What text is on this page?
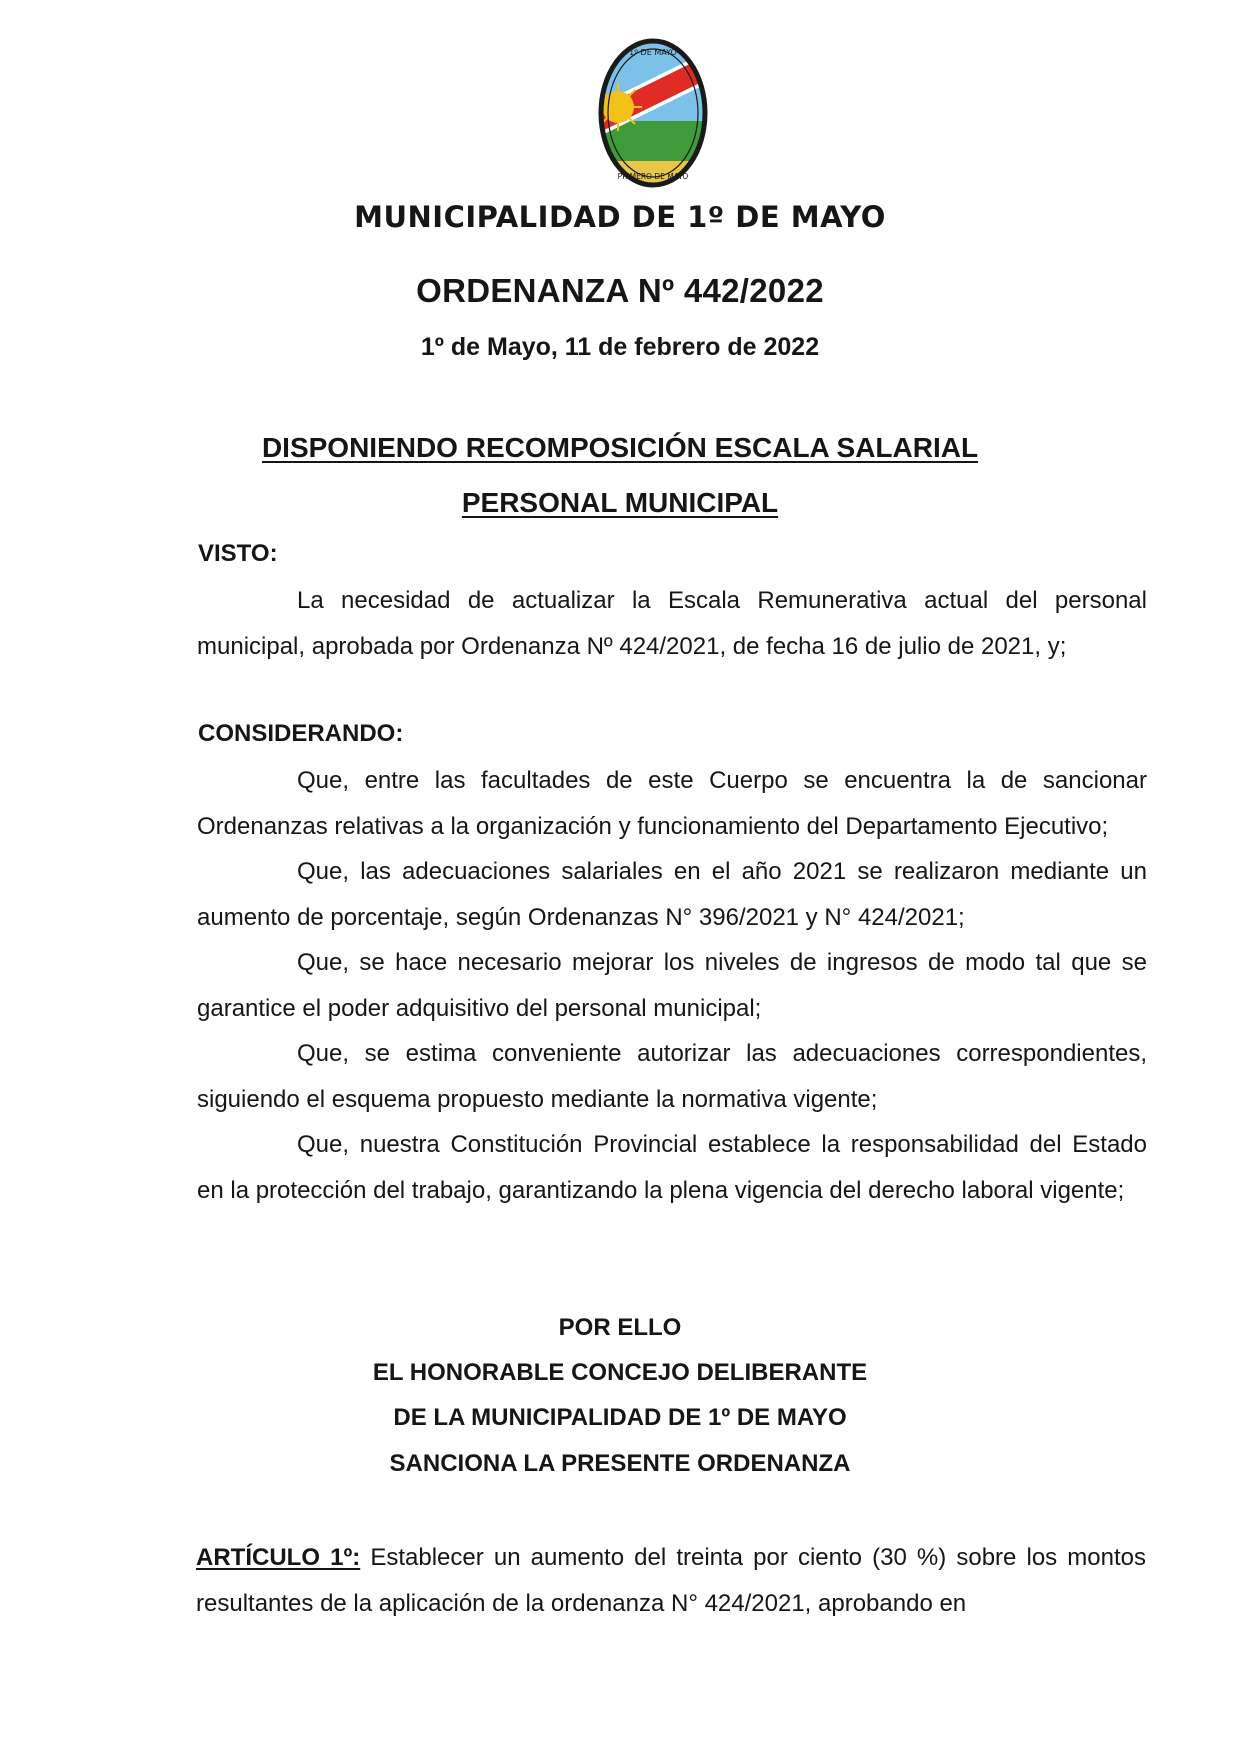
1º DE MAYO
PRIMERO DE MAYO
MUNICIPALIDAD DE 1º DE MAYO
ORDENANZA Nº 442/2022
1º de Mayo, 11 de febrero de 2022
DISPONIENDO RECOMPOSICIÓN ESCALA SALARIAL
PERSONAL MUNICIPAL
VISTO:

La necesidad de actualizar la Escala Remunerativa actual del personal municipal, aprobada por Ordenanza Nº 424/2021, de fecha 16 de julio de 2021, y;

CONSIDERANDO:

Que, entre las facultades de este Cuerpo se encuentra la de sancionar Ordenanzas relativas a la organización y funcionamiento del Departamento Ejecutivo;

Que, las adecuaciones salariales en el año 2021 se realizaron mediante un aumento de porcentaje, según Ordenanzas N° 396/2021 y N° 424/2021;

Que, se hace necesario mejorar los niveles de ingresos de modo tal que se garantice el poder adquisitivo del personal municipal;

Que, se estima conveniente autorizar las adecuaciones correspondientes, siguiendo el esquema propuesto mediante la normativa vigente;

Que, nuestra Constitución Provincial establece la responsabilidad del Estado en la protección del trabajo, garantizando la plena vigencia del derecho laboral vigente;

POR ELLO
EL HONORABLE CONCEJO DELIBERANTE
DE LA MUNICIPALIDAD DE 1º DE MAYO
SANCIONA LA PRESENTE ORDENANZA

ARTÍCULO 1º: Establecer un aumento del treinta por ciento (30 %) sobre los montos resultantes de la aplicación de la ordenanza N° 424/2021, aprobando en
